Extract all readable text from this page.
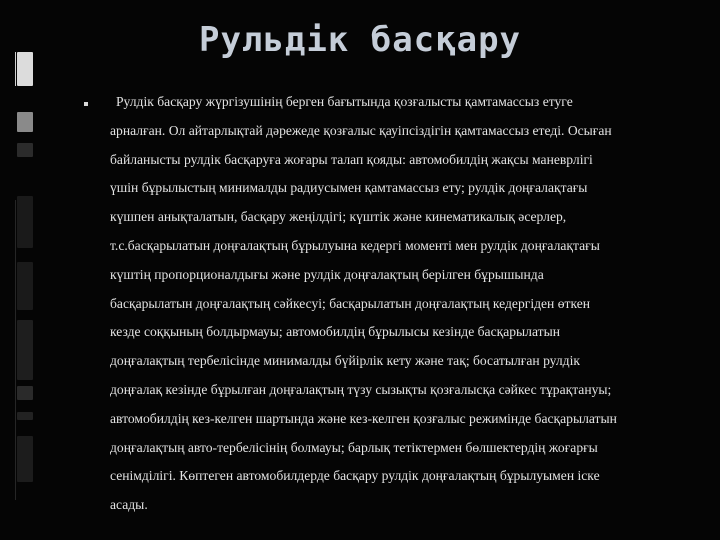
Рульдік басқару
Рулдік басқару жүргізушінің берген бағытында қозғалысты қамтамассыз етуге
арналған. Ол айтарлықтай дәрежеде қозғалыс қауіпсіздігін қамтамассыз етеді. Осыған
байланысты рулдік басқаруға жоғары талап қояды: автомобилдің жақсы маневрлігі
үшін бұрылыстың минималды радиусымен қамтамассыз ету; рулдік доңғалақтағы
күшпен анықталатын, басқару жеңілдігі; күштік және кинематикалық әсерлер,
т.с.басқарылатын доңғалақтың бұрылуына кедергі моменті мен рулдік доңғалақтағы
күштің пропорционалдығы және рулдік доңғалақтың берілген бұрышында
басқарылатын доңғалақтың сәйкесуі; басқарылатын доңғалақтың кедергіден өткен
кезде соққының болдырмауы; автомобилдің бұрылысы кезінде басқарылатын
доңғалақтың тербелісінде минималды бүйірлік кету және тақ; босатылған рулдік
доңғалақ кезінде бұрылған доңғалақтың түзу сызықты қозғалысқа сәйкес тұрақтануы;
автомобилдің кез-келген шартында және кез-келген қозғалыс режимінде басқарылатын
доңғалақтың авто-тербелісінің болмауы; барлық тетіктермен бөлшектердің жоғарғы
сенімділігі. Көптеген автомобилдерде басқару рулдік доңғалақтың бұрылуымен іске
асады.
